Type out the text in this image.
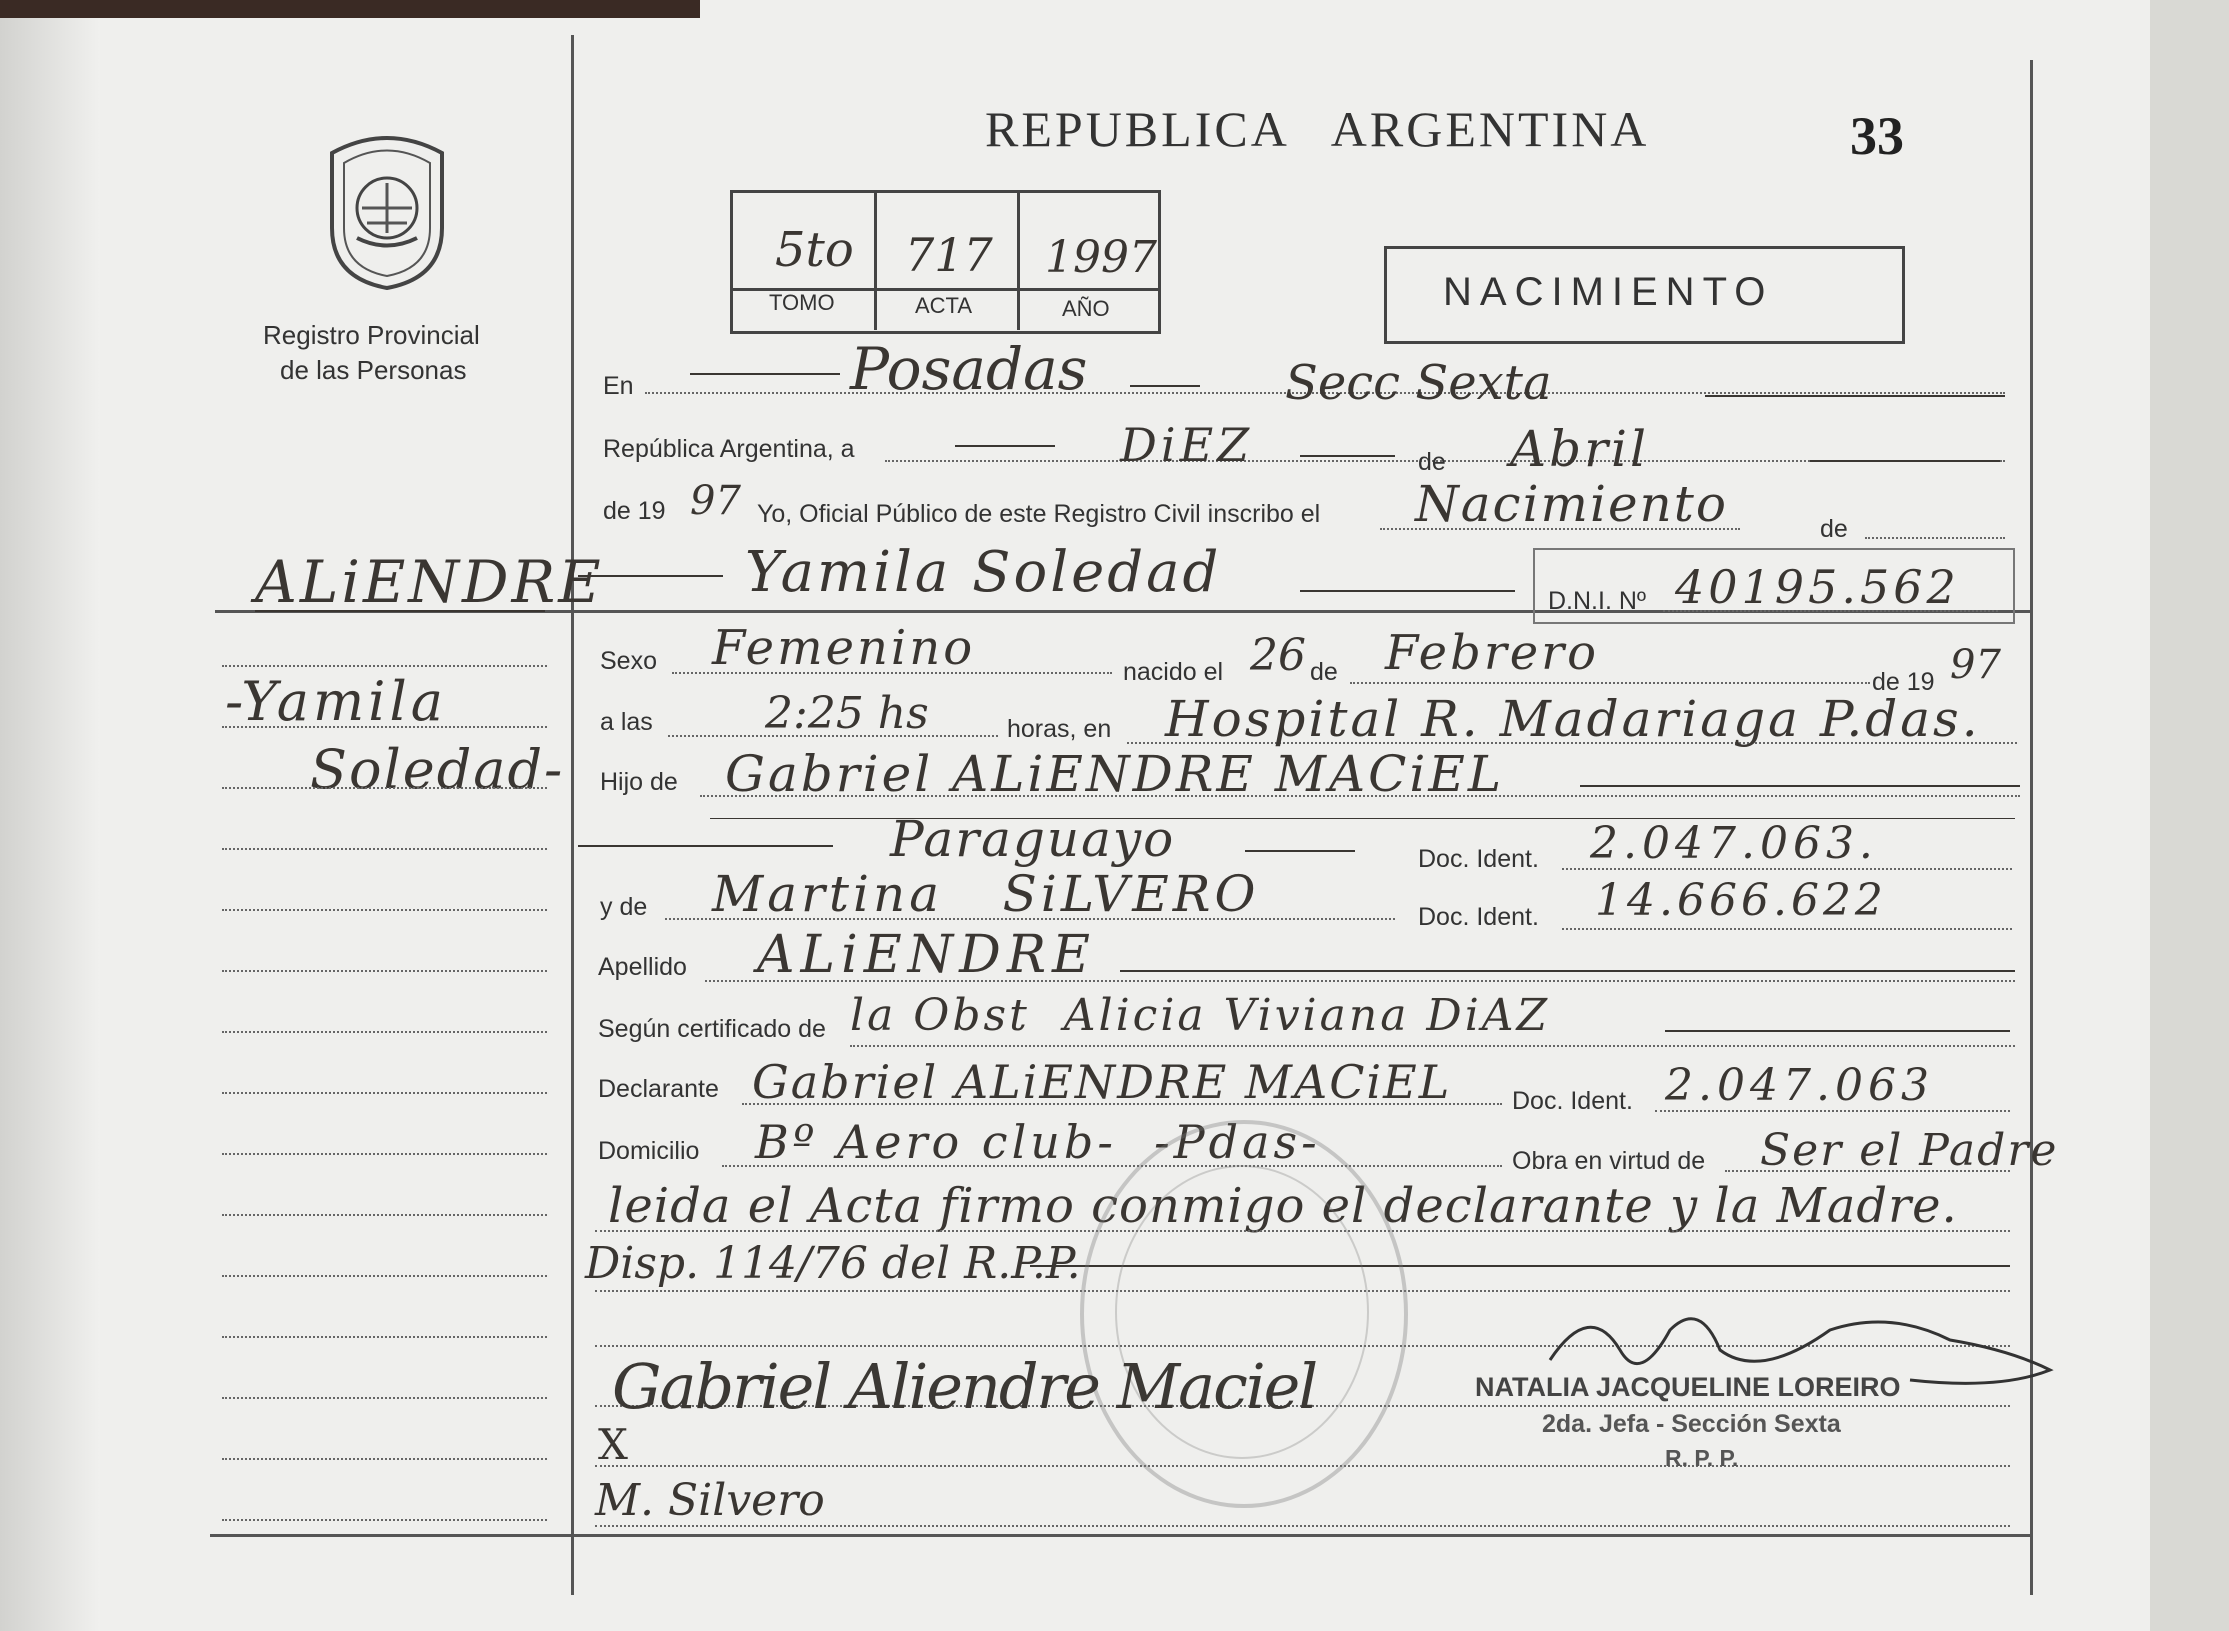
Registro Provincial
de las Personas
REPUBLICA   ARGENTINA	33
5to 717 1997
TOMO	ACTA	AÑO	NACIMIENTO
En	Posadas	Secc Sexta
República Argentina, a	DiEZ	de Abril
de 19 97 Yo, Oficial Público de este Registro Civil inscribo el Nacimiento	de
Yamila Soledad	D.N.I. Nº 40195.562
ALiENDRE
-Yamila
Soledad-
Sexo Femenino	nacido el 26 de Febrero
de 19 97
a las	2:25 hs	horas, en Hospital R. Madariaga P.das.
Hijo de Gabriel ALiENDRE MACiEL
Paraguayo	Doc. Ident. 2.047.063.
y de Martina   SiLVERO	Doc. Ident. 14.666.622
Apellido ALiENDRE
Según certificado de la Obst  Alicia Viviana DiAZ
Declarante Gabriel ALiENDRE MACiEL Doc. Ident. 2.047.063
Domicilio Bº Aero club-  -Pdas-	Obra en virtud de Ser el Padre
leida el Acta firmo conmigo el declarante y la Madre.
Disp. 114/76 del R.P.P.
Gabriel Aliendre Maciel
X
M. Silvero
NATALIA JACQUELINE LOREIRO
2da. Jefa - Sección Sexta
R. P. P.
